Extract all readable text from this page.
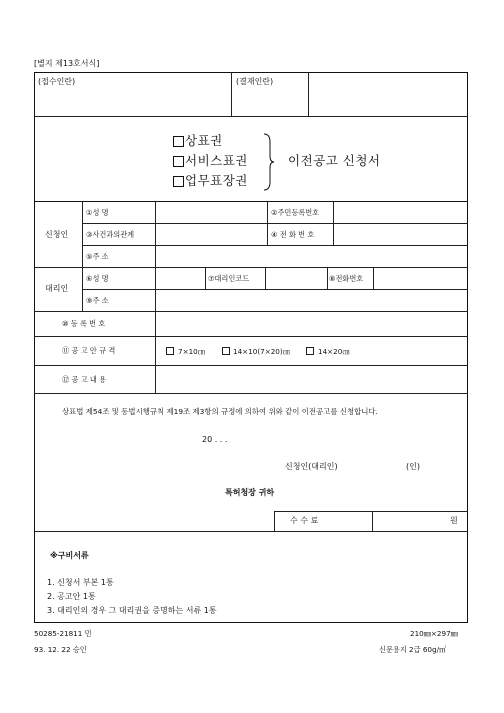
[별지 제13호서식]
(접수인란)	(결재인란)
상표권
서비스표권
업무표장권
이전공고 신청서
신청인
①성 명	②주민등록번호
③사건과의관계	④ 전 화 번 호
⑤주 소
대리인
⑥성 명	⑦대리인코드	⑧전화번호
⑨주 소
⑩ 등 록 번 호
⑪ 공 고 안 규 격	7×10㎝	14×10(7×20)㎝	14×20㎝
⑫ 공 고 내 용
상표법 제54조 및 동법시행규칙 제19조 제3항의 규정에 의하여 위와 같이 이전공고를 신청합니다.
20 . . .
신청인(대리인)	(인)
특허청장 귀하
수 수 료	원
※구비서류
1. 신청서 부본 1통
2. 공고안 1통
3. 대리인의 경우 그 대리권을 증명하는 서류 1통
50285-21811 민
93. 12. 22 승인
210㎜×297㎜
신문용지 2급 60g/㎡
